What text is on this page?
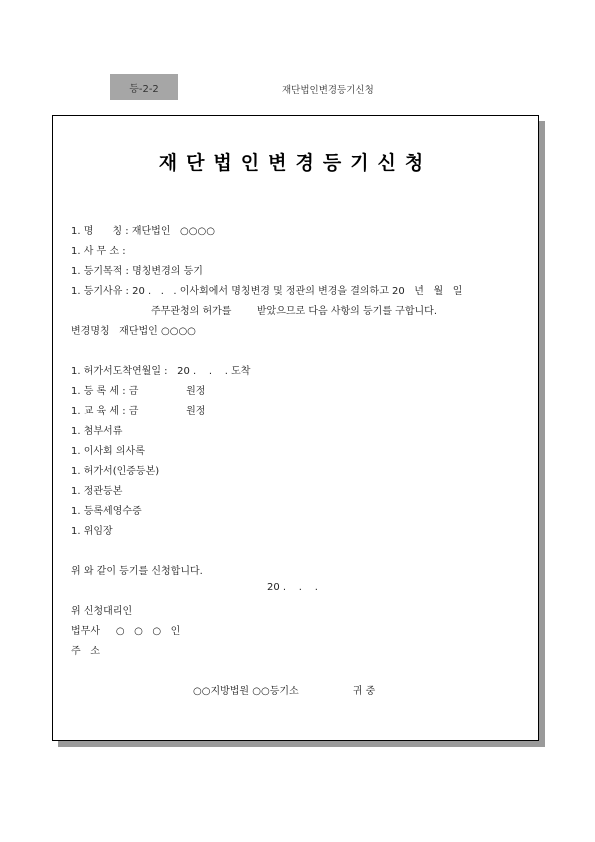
등-2-2	재단법인변경등기신청
재단법인변경등기신청
1. 명      칭 : 재단법인   ○○○○
1. 사 무 소 :
1. 등기목적 : 명칭변경의 등기
1. 등기사유 : 20 .   .   . 이사회에서 명칭변경 및 정관의 변경을 결의하고 20   년   월   일
주무관청의 허가를        받았으므로 다음 사항의 등기를 구합니다.
변경명칭   재단법인 ○○○○
1. 허가서도착연월일 :   20 .    .    . 도착
1. 등 록 세 : 금               원정
1. 교 육 세 : 금               원정
1. 첨부서류
1. 이사회 의사록
1. 허가서(인증등본)
1. 정관등본
1. 등록세영수증
1. 위임장
위 와 같이 등기를 신청합니다.
20 .    .    .
위 신청대리인
법무사     ○   ○   ○   인
주   소
○○지방법원 ○○등기소                 귀 중
